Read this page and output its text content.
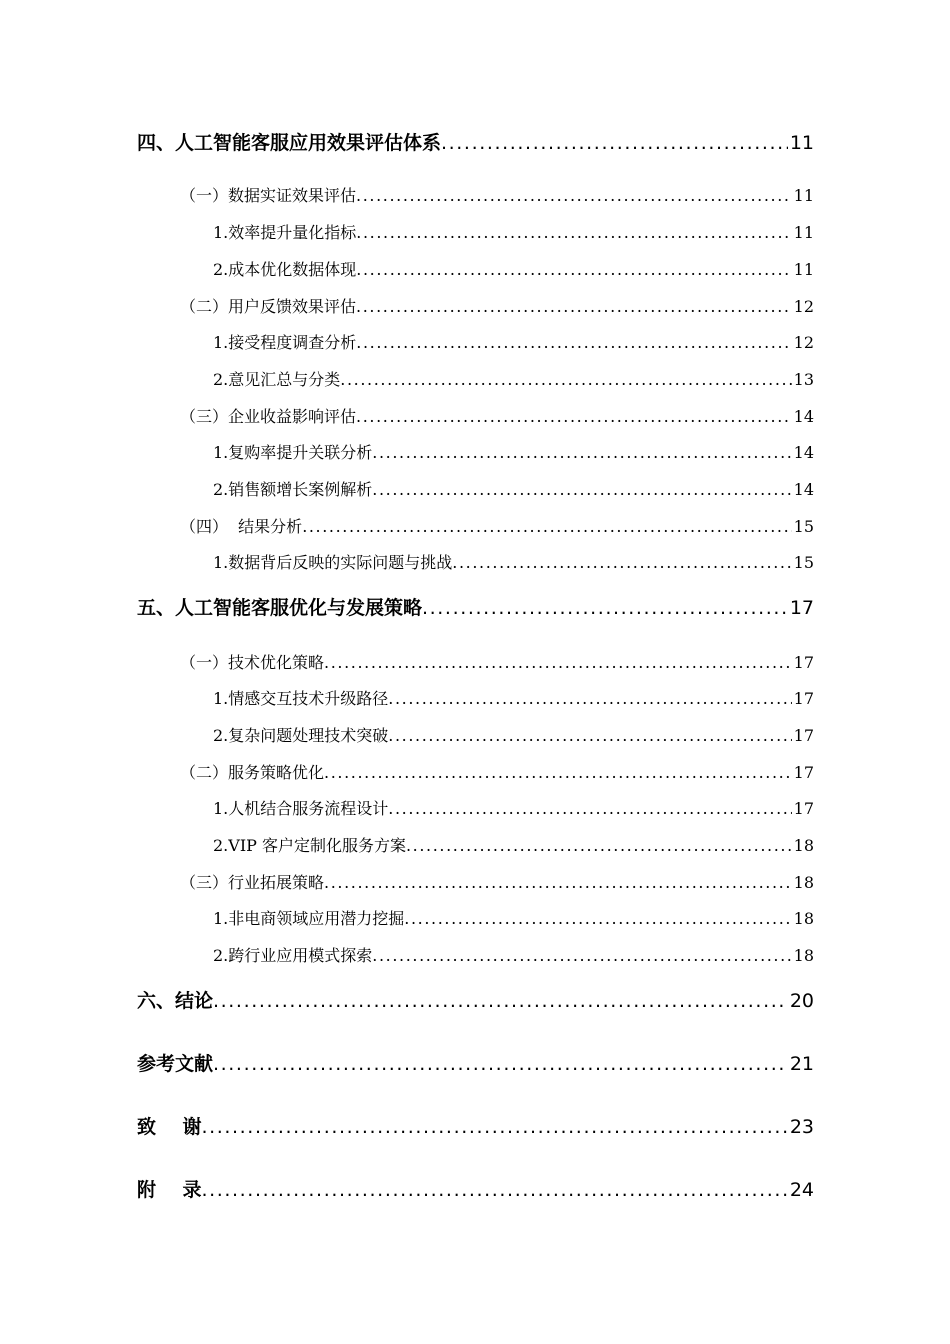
四、人工智能客服应用效果评估体系 .....	11
（一）数据实证效果评估 .....	11
1.效率提升量化指标 .....	11
2.成本优化数据体现 .....	11
（二）用户反馈效果评估 .....	12
1.接受程度调查分析 .....	12
2.意见汇总与分类 .....	13
（三）企业收益影响评估 .....	14
1.复购率提升关联分析 .....	14
2.销售额增长案例解析 .....	14
（四）  结果分析 .....	15
1.数据背后反映的实际问题与挑战 .....	15
五、人工智能客服优化与发展策略 .....	17
（一）技术优化策略 .....	17
1.情感交互技术升级路径 .....	17
2.复杂问题处理技术突破 .....	17
（二）服务策略优化 .....	17
1.人机结合服务流程设计 .....	17
2.VIP 客户定制化服务方案 .....	18
（三）行业拓展策略 .....	18
1.非电商领域应用潜力挖掘 .....	18
2.跨行业应用模式探索 .....	18
六、结论 .....	20
参考文献 .....	21
致    谢 .....	23
附    录 .....	24
